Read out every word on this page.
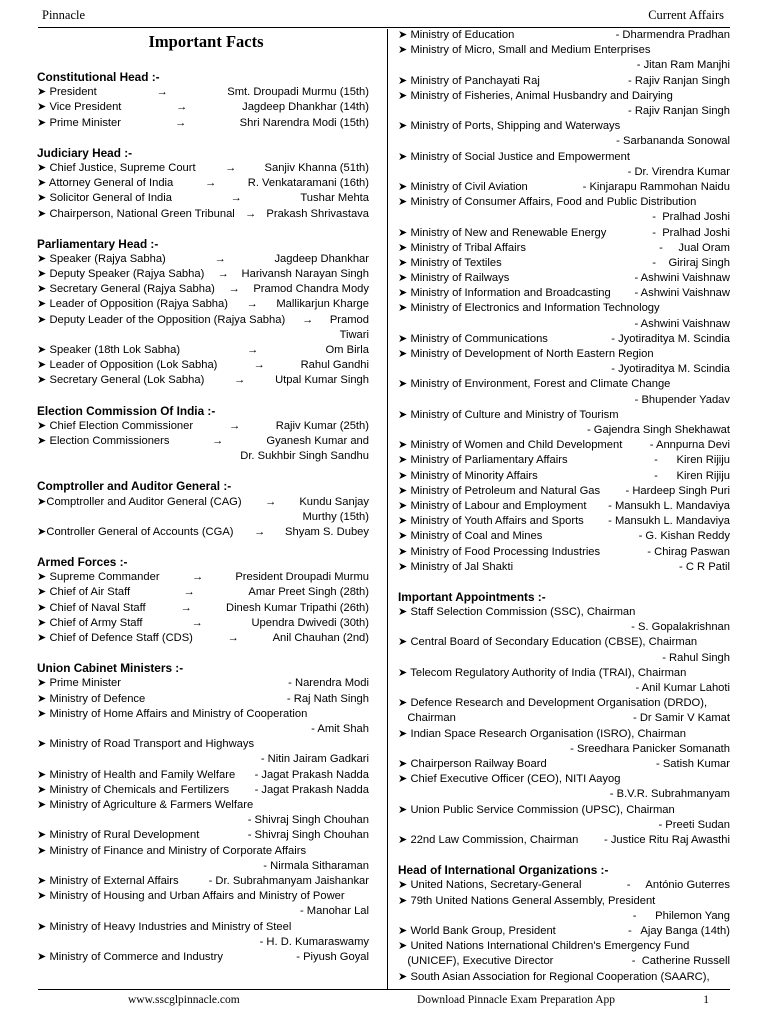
Pinnacle	Current Affairs
Important Facts
Constitutional Head :-
➤ President	→	Smt. Droupadi Murmu (15th)
➤ Vice President	→	Jagdeep Dhankhar (14th)
➤ Prime Minister	→	Shri Narendra Modi (15th)
Judiciary Head :-
➤ Chief Justice, Supreme Court	→	Sanjiv Khanna (51th)
➤ Attorney General of India	→	R. Venkataramani (16th)
➤ Solicitor General of India	→	Tushar Mehta
➤ Chairperson, National Green Tribunal → Prakash Shrivastava
Parliamentary Head :-
➤ Speaker (Rajya Sabha)	→	Jagdeep Dhankhar
➤ Deputy Speaker (Rajya Sabha) → Harivansh Narayan Singh
➤ Secretary General (Rajya Sabha) → Pramod Chandra Mody
➤ Leader of Opposition (Rajya Sabha) → Mallikarjun Kharge
➤ Deputy Leader of the Opposition (Rajya Sabha) → Pramod
Tiwari
➤ Speaker (18th Lok Sabha)	→	Om Birla
➤ Leader of Opposition (Lok Sabha)	→	Rahul Gandhi
➤ Secretary General (Lok Sabha)	→	Utpal Kumar Singh
Election Commission Of India :-
➤ Chief Election Commissioner	→	Rajiv Kumar (25th)
➤ Election Commissioners	→	Gyanesh Kumar and
Dr. Sukhbir Singh Sandhu
Comptroller and Auditor General :-
➤Comptroller and Auditor General (CAG) → Kundu Sanjay
Murthy (15th)
➤Controller General of Accounts (CGA) → Shyam S. Dubey
Armed Forces :-
➤ Supreme Commander	→	President Droupadi Murmu
➤ Chief of Air Staff	→	Amar Preet Singh (28th)
➤ Chief of Naval Staff	→	Dinesh Kumar Tripathi (26th)
➤ Chief of Army Staff	→	Upendra Dwivedi (30th)
➤ Chief of Defence Staff (CDS)	→	Anil Chauhan (2nd)
Union Cabinet Ministers :-
➤ Prime Minister	- Narendra Modi
➤ Ministry of Defence	- Raj Nath Singh
➤ Ministry of Home Affairs and Ministry of Cooperation
- Amit Shah
➤ Ministry of Road Transport and Highways
- Nitin Jairam Gadkari
➤ Ministry of Health and Family Welfare - Jagat Prakash Nadda
➤ Ministry of Chemicals and Fertilizers - Jagat Prakash Nadda
➤ Ministry of Agriculture & Farmers Welfare
- Shivraj Singh Chouhan
➤ Ministry of Rural Development	- Shivraj Singh Chouhan
➤ Ministry of Finance and Ministry of Corporate Affairs
- Nirmala Sitharaman
➤ Ministry of External Affairs	- Dr. Subrahmanyam Jaishankar
➤ Ministry of Housing and Urban Affairs and Ministry of Power
- Manohar Lal
➤ Ministry of Heavy Industries and Ministry of Steel
- H. D. Kumaraswamy
➤ Ministry of Commerce and Industry	- Piyush Goyal
➤ Ministry of Education	- Dharmendra Pradhan
➤ Ministry of Micro, Small and Medium Enterprises
- Jitan Ram Manjhi
➤ Ministry of Panchayati Raj	- Rajiv Ranjan Singh
➤ Ministry of Fisheries, Animal Husbandry and Dairying
- Rajiv Ranjan Singh
➤ Ministry of Ports, Shipping and Waterways
- Sarbananda Sonowal
➤ Ministry of Social Justice and Empowerment
- Dr. Virendra Kumar
➤ Ministry of Civil Aviation	- Kinjarapu Rammohan Naidu
➤ Ministry of Consumer Affairs, Food and Public Distribution
-  Pralhad Joshi
➤ Ministry of New and Renewable Energy	-  Pralhad Joshi
➤ Ministry of Tribal Affairs	-     Jual Oram
➤ Ministry of Textiles	-    Giriraj Singh
➤ Ministry of Railways	- Ashwini Vaishnaw
➤ Ministry of Information and Broadcasting - Ashwini Vaishnaw
➤ Ministry of Electronics and Information Technology
- Ashwini Vaishnaw
➤ Ministry of Communications	- Jyotiraditya M. Scindia
➤ Ministry of Development of North Eastern Region
- Jyotiraditya M. Scindia
➤ Ministry of Environment, Forest and Climate Change
- Bhupender Yadav
➤ Ministry of Culture and Ministry of Tourism
- Gajendra Singh Shekhawat
➤ Ministry of Women and Child Development - Annpurna Devi
➤ Ministry of Parliamentary Affairs	-      Kiren Rijiju
➤ Ministry of Minority Affairs	-      Kiren Rijiju
➤ Ministry of Petroleum and Natural Gas - Hardeep Singh Puri
➤ Ministry of Labour and Employment - Mansukh L. Mandaviya
➤ Ministry of Youth Affairs and Sports - Mansukh L. Mandaviya
➤ Ministry of Coal and Mines	- G. Kishan Reddy
➤ Ministry of Food Processing Industries	- Chirag Paswan
➤ Ministry of Jal Shakti	- C R Patil
Important Appointments :-
➤ Staff Selection Commission (SSC), Chairman
- S. Gopalakrishnan
➤ Central Board of Secondary Education (CBSE), Chairman
- Rahul Singh
➤ Telecom Regulatory Authority of India (TRAI), Chairman
- Anil Kumar Lahoti
➤ Defence Research and Development Organisation (DRDO),
Chairman	- Dr Samir V Kamat
➤ Indian Space Research Organisation (ISRO), Chairman
- Sreedhara Panicker Somanath
➤ Chairperson Railway Board	- Satish Kumar
➤ Chief Executive Officer (CEO), NITI Aayog
- B.V.R. Subrahmanyam
➤ Union Public Service Commission (UPSC), Chairman
- Preeti Sudan
➤ 22nd Law Commission, Chairman - Justice Ritu Raj Awasthi
Head of International Organizations :-
➤ United Nations, Secretary-General	-     António Guterres
➤ 79th United Nations General Assembly, President
-      Philemon Yang
➤ World Bank Group, President	-   Ajay Banga (14th)
➤ United Nations International Children's Emergency Fund
(UNICEF), Executive Director	-  Catherine Russell
➤ South Asian Association for Regional Cooperation (SAARC),
www.sscglpinnacle.com	Download Pinnacle Exam Preparation App	1
